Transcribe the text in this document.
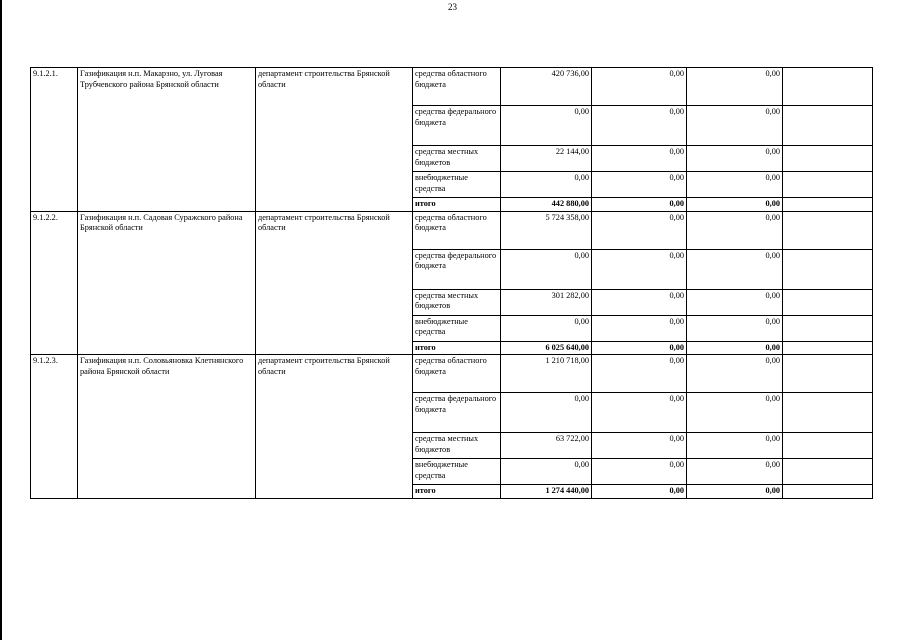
23
9.1.2.1.	Газификация н.п. Макарзно, ул. Луговая Трубчевского района Брянской области	департамент строительства Брянской области	средства областного бюджета	420 736,00	0,00	0,00	
			средства федерального бюджета	0,00	0,00	0,00	
			средства местных бюджетов	22 144,00	0,00	0,00	
			внебюджетные средства	0,00	0,00	0,00	
			итого	442 880,00	0,00	0,00	
9.1.2.2.	Газификация н.п. Садовая Суражского района Брянской области	департамент строительства Брянской области	средства областного бюджета	5 724 358,00	0,00	0,00	
			средства федерального бюджета	0,00	0,00	0,00	
			средства местных бюджетов	301 282,00	0,00	0,00	
			внебюджетные средства	0,00	0,00	0,00	
			итого	6 025 640,00	0,00	0,00	
9.1.2.3.	Газификация н.п. Соловьяновка Клетнянского района Брянской области	департамент строительства Брянской области	средства областного бюджета	1 210 718,00	0,00	0,00	
			средства федерального бюджета	0,00	0,00	0,00	
			средства местных бюджетов	63 722,00	0,00	0,00	
			внебюджетные средства	0,00	0,00	0,00	
			итого	1 274 440,00	0,00	0,00	
